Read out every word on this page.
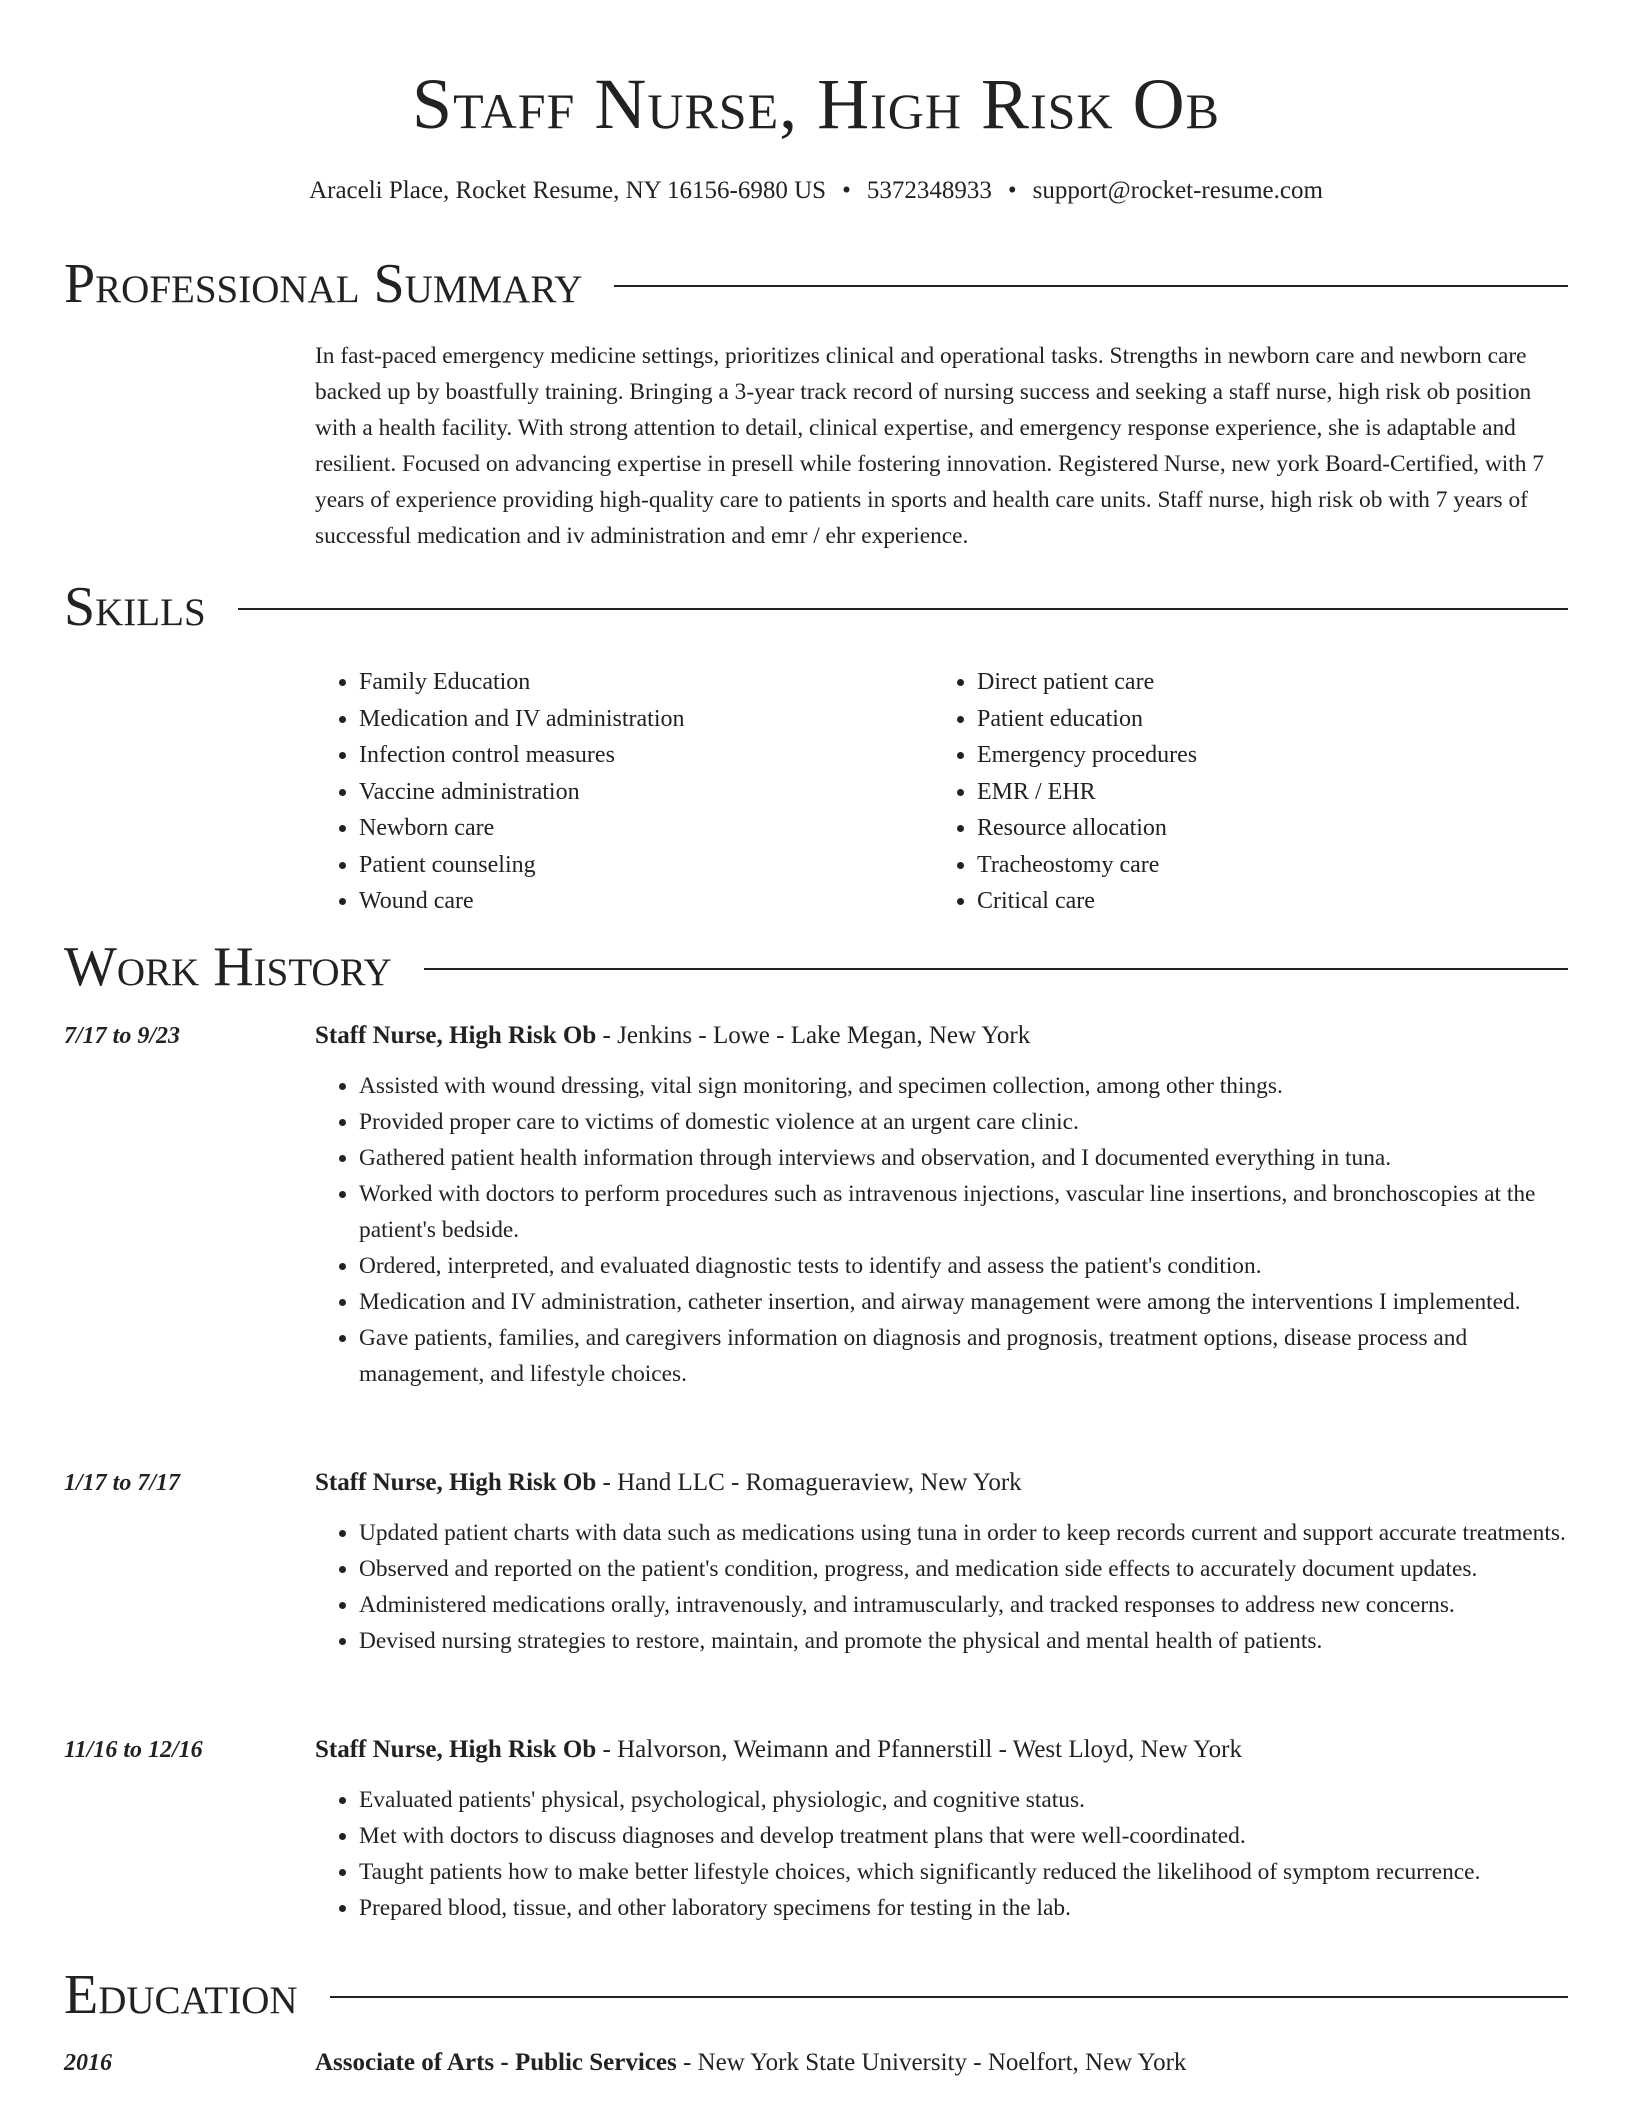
Staff Nurse, High Risk Ob
Araceli Place, Rocket Resume, NY 16156-6980 US • 5372348933 • support@rocket-resume.com
Professional Summary

In fast-paced emergency medicine settings, prioritizes clinical and operational tasks. Strengths in newborn care and newborn care backed up by boastfully training. Bringing a 3-year track record of nursing success and seeking a staff nurse, high risk ob position with a health facility. With strong attention to detail, clinical expertise, and emergency response experience, she is adaptable and resilient. Focused on advancing expertise in presell while fostering innovation. Registered Nurse, new york Board-Certified, with 7 years of experience providing high-quality care to patients in sports and health care units. Staff nurse, high risk ob with 7 years of successful medication and iv administration and emr / ehr experience.

Skills
• Family Education
• Medication and IV administration
• Infection control measures
• Vaccine administration
• Newborn care
• Patient counseling
• Wound care
• Direct patient care
• Patient education
• Emergency procedures
• EMR / EHR
• Resource allocation
• Tracheostomy care
• Critical care
Work History
7/17 to 9/23	Staff Nurse, High Risk Ob - Jenkins - Lowe - Lake Megan, New York
• Assisted with wound dressing, vital sign monitoring, and specimen collection, among other things.
• Provided proper care to victims of domestic violence at an urgent care clinic.
• Gathered patient health information through interviews and observation, and I documented everything in tuna.
• Worked with doctors to perform procedures such as intravenous injections, vascular line insertions, and bronchoscopies at the patient's bedside.
• Ordered, interpreted, and evaluated diagnostic tests to identify and assess the patient's condition.
• Medication and IV administration, catheter insertion, and airway management were among the interventions I implemented.
• Gave patients, families, and caregivers information on diagnosis and prognosis, treatment options, disease process and management, and lifestyle choices.
1/17 to 7/17	Staff Nurse, High Risk Ob - Hand LLC - Romagueraview, New York
• Updated patient charts with data such as medications using tuna in order to keep records current and support accurate treatments.
• Observed and reported on the patient's condition, progress, and medication side effects to accurately document updates.
• Administered medications orally, intravenously, and intramuscularly, and tracked responses to address new concerns.
• Devised nursing strategies to restore, maintain, and promote the physical and mental health of patients.
11/16 to 12/16	Staff Nurse, High Risk Ob - Halvorson, Weimann and Pfannerstill - West Lloyd, New York
• Evaluated patients' physical, psychological, physiologic, and cognitive status.
• Met with doctors to discuss diagnoses and develop treatment plans that were well-coordinated.
• Taught patients how to make better lifestyle choices, which significantly reduced the likelihood of symptom recurrence.
• Prepared blood, tissue, and other laboratory specimens for testing in the lab.
Education
2016	Associate of Arts - Public Services - New York State University - Noelfort, New York
